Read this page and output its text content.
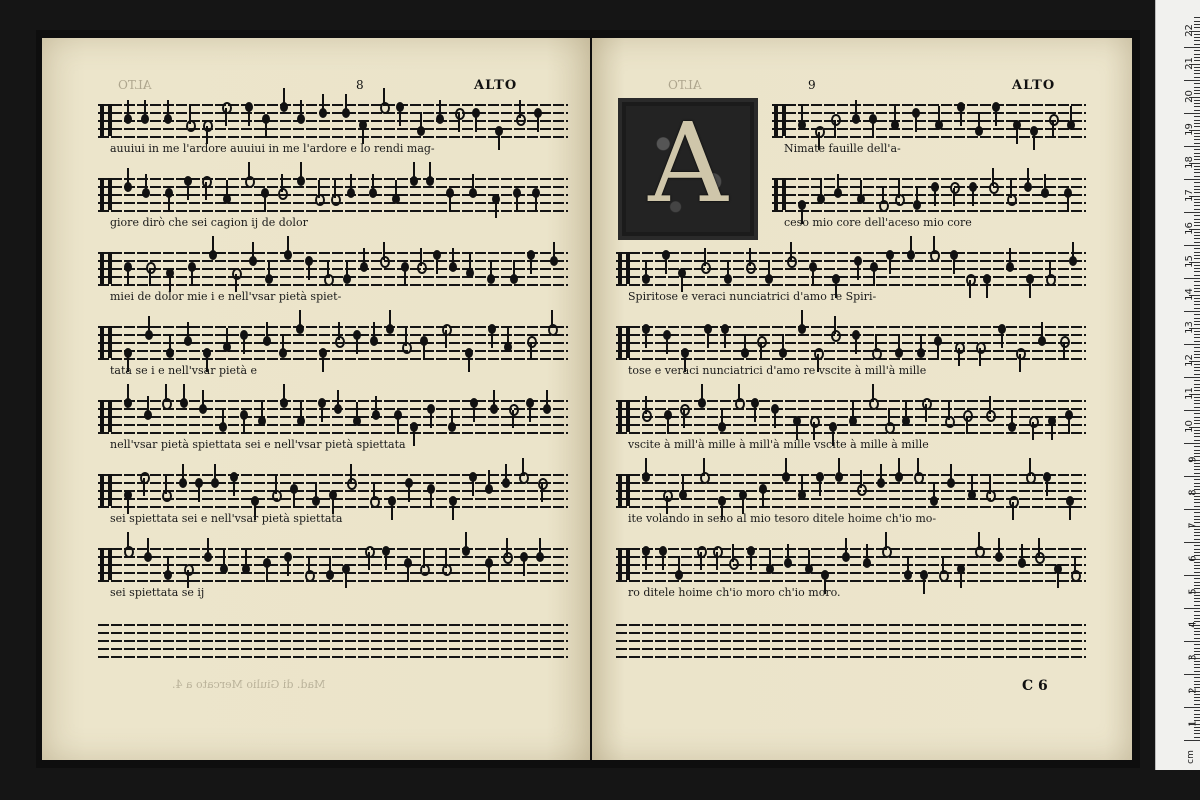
ALTO	8	ALTO
auuiui in me l'ardore auuiui in me l'ardore e lo rendi mag-
giore dirò che sei cagion ij de dolor
miei de dolor mie i e nell'vsar pietà spiet-
tata se i e nell'vsar pietà e
nell'vsar pietà spiettata sei e nell'vsar pietà spiettata
sei spiettata sei e nell'vsar pietà spiettata
sei spiettata se ij
Mad. di Giulio Mercato a 4.
ALTO	9	ALTO
A	Nimate fauille dell'a-
ceso mio core dell'aceso mio core
Spiritose e veraci nunciatrici d'amo re Spiri-
tose e veraci nunciatrici d'amo re vscite à mill'à mille
vscite à mill'à mille à mill'à mille vscite à mille à mille
ite volando in seno al mio tesoro ditele hoime ch'io mo-
ro ditele hoime ch'io moro ch'io moro.
C 6
cm
1
2
3
4
5
6
7
8
9
10
11
12
13
14
15
16
17
18
19
20
21
22
